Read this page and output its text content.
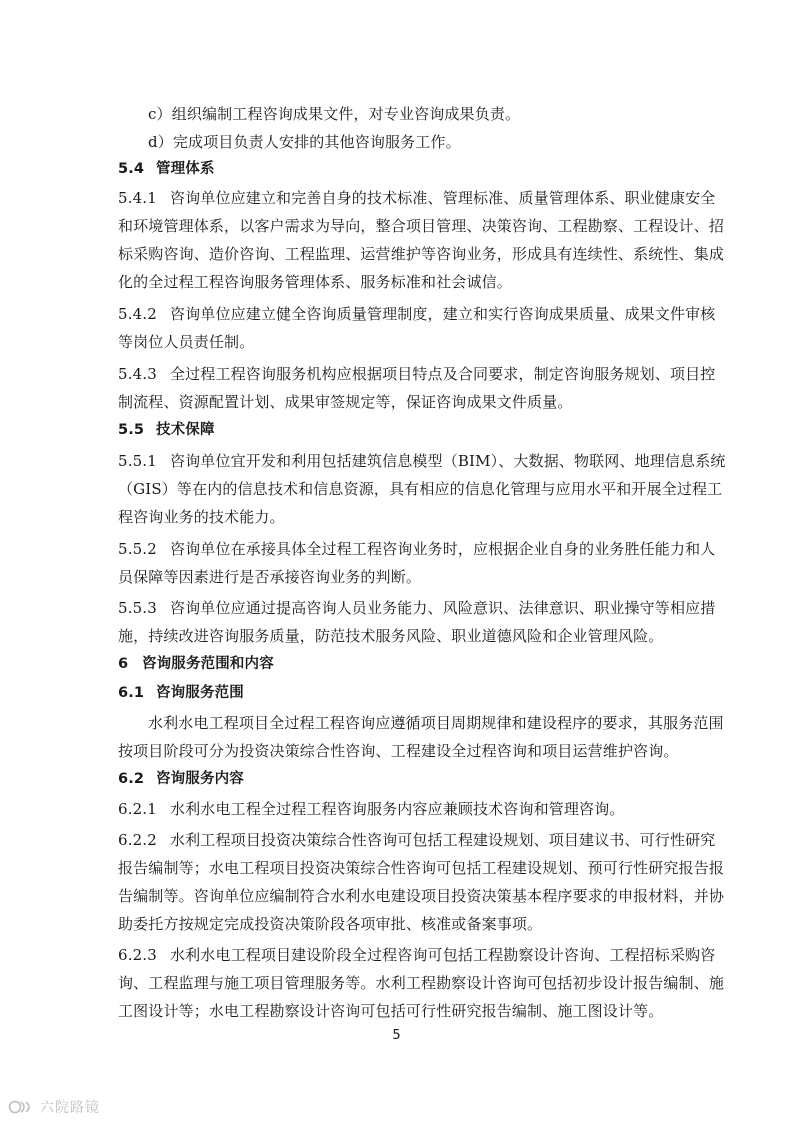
c）组织编制工程咨询成果文件，对专业咨询成果负责。
d）完成项目负责人安排的其他咨询服务工作。
5.4 管理体系
5.4.1 咨询单位应建立和完善自身的技术标准、管理标准、质量管理体系、职业健康安全
和环境管理体系，以客户需求为导向，整合项目管理、决策咨询、工程勘察、工程设计、招
标采购咨询、造价咨询、工程监理、运营维护等咨询业务，形成具有连续性、系统性、集成
化的全过程工程咨询服务管理体系、服务标准和社会诚信。
5.4.2 咨询单位应建立健全咨询质量管理制度，建立和实行咨询成果质量、成果文件审核
等岗位人员责任制。
5.4.3 全过程工程咨询服务机构应根据项目特点及合同要求，制定咨询服务规划、项目控
制流程、资源配置计划、成果审签规定等，保证咨询成果文件质量。
5.5 技术保障
5.5.1 咨询单位宜开发和利用包括建筑信息模型（BIM）、大数据、物联网、地理信息系统
（GIS）等在内的信息技术和信息资源，具有相应的信息化管理与应用水平和开展全过程工
程咨询业务的技术能力。
5.5.2 咨询单位在承接具体全过程工程咨询业务时，应根据企业自身的业务胜任能力和人
员保障等因素进行是否承接咨询业务的判断。
5.5.3 咨询单位应通过提高咨询人员业务能力、风险意识、法律意识、职业操守等相应措
施，持续改进咨询服务质量，防范技术服务风险、职业道德风险和企业管理风险。
6 咨询服务范围和内容
6.1 咨询服务范围
水利水电工程项目全过程工程咨询应遵循项目周期规律和建设程序的要求，其服务范围
按项目阶段可分为投资决策综合性咨询、工程建设全过程咨询和项目运营维护咨询。
6.2 咨询服务内容
6.2.1 水利水电工程全过程工程咨询服务内容应兼顾技术咨询和管理咨询。
6.2.2 水利工程项目投资决策综合性咨询可包括工程建设规划、项目建议书、可行性研究
报告编制等；水电工程项目投资决策综合性咨询可包括工程建设规划、预可行性研究报告报
告编制等。咨询单位应编制符合水利水电建设项目投资决策基本程序要求的申报材料，并协
助委托方按规定完成投资决策阶段各项审批、核准或备案事项。
6.2.3 水利水电工程项目建设阶段全过程咨询可包括工程勘察设计咨询、工程招标采购咨
询、工程监理与施工项目管理服务等。水利工程勘察设计咨询可包括初步设计报告编制、施
工图设计等；水电工程勘察设计咨询可包括可行性研究报告编制、施工图设计等。
5
六院路镜
